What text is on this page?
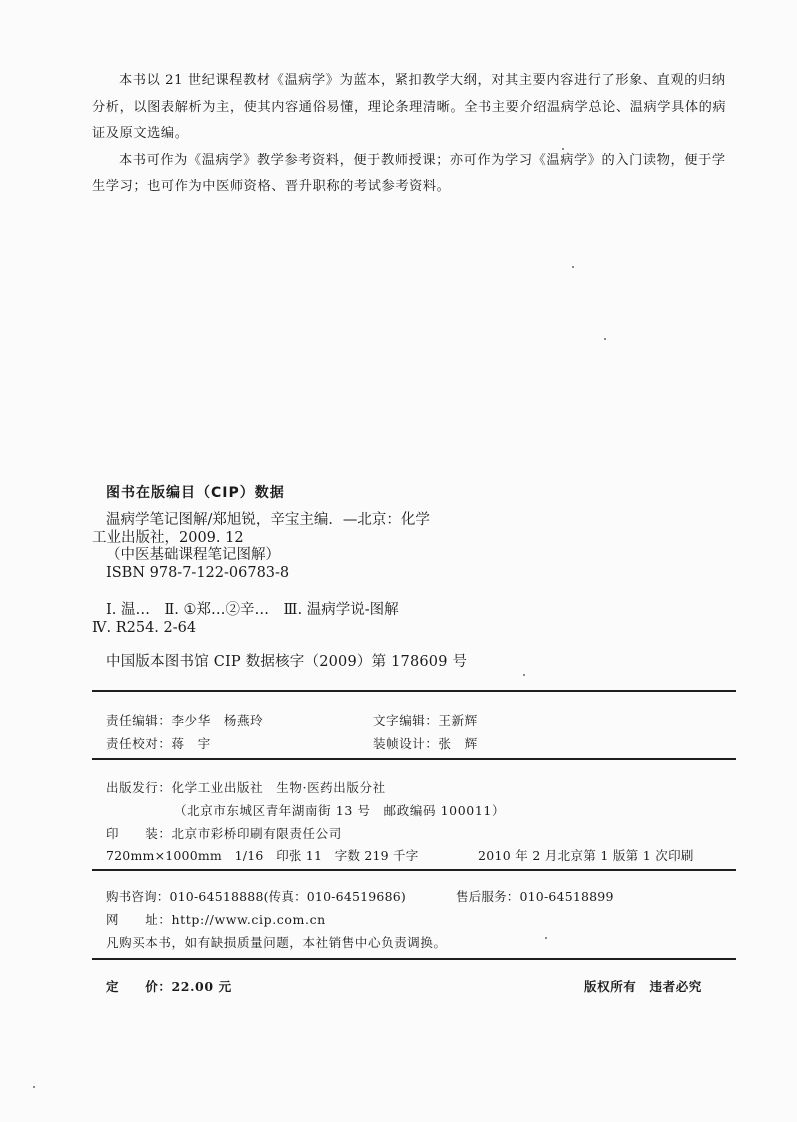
本书以 21 世纪课程教材《温病学》为蓝本，紧扣教学大纲，对其主要内容进行了形象、直观的归纳分析，以图表解析为主，使其内容通俗易懂，理论条理清晰。全书主要介绍温病学总论、温病学具体的病证及原文选编。

本书可作为《温病学》教学参考资料，便于教师授课；亦可作为学习《温病学》的入门读物，便于学生学习；也可作为中医师资格、晋升职称的考试参考资料。

图书在版编目（CIP）数据
温病学笔记图解/郑旭锐，辛宝主编．—北京：化学
工业出版社，2009. 12
（中医基础课程笔记图解）
ISBN 978-7-122-06783-8
Ⅰ. 温…　Ⅱ. ①郑…②辛…　Ⅲ. 温病学说-图解
Ⅳ. R254. 2-64
中国版本图书馆 CIP 数据核字（2009）第 178609 号
责任编辑：李少华　杨燕玲	文字编辑：王新辉
责任校对：蒋　宇	装帧设计：张　辉
出版发行：化学工业出版社　生物·医药出版分社
（北京市东城区青年湖南街 13 号　邮政编码 100011）
印　　装：北京市彩桥印刷有限责任公司
720mm×1000mm　1/16　印张 11　字数 219 千字	2010 年 2 月北京第 1 版第 1 次印刷
购书咨询：010-64518888(传真：010-64519686)	售后服务：010-64518899
网　　址：http://www.cip.com.cn
凡购买本书，如有缺损质量问题，本社销售中心负责调换。
定　　价：22.00 元	版权所有　违者必究
